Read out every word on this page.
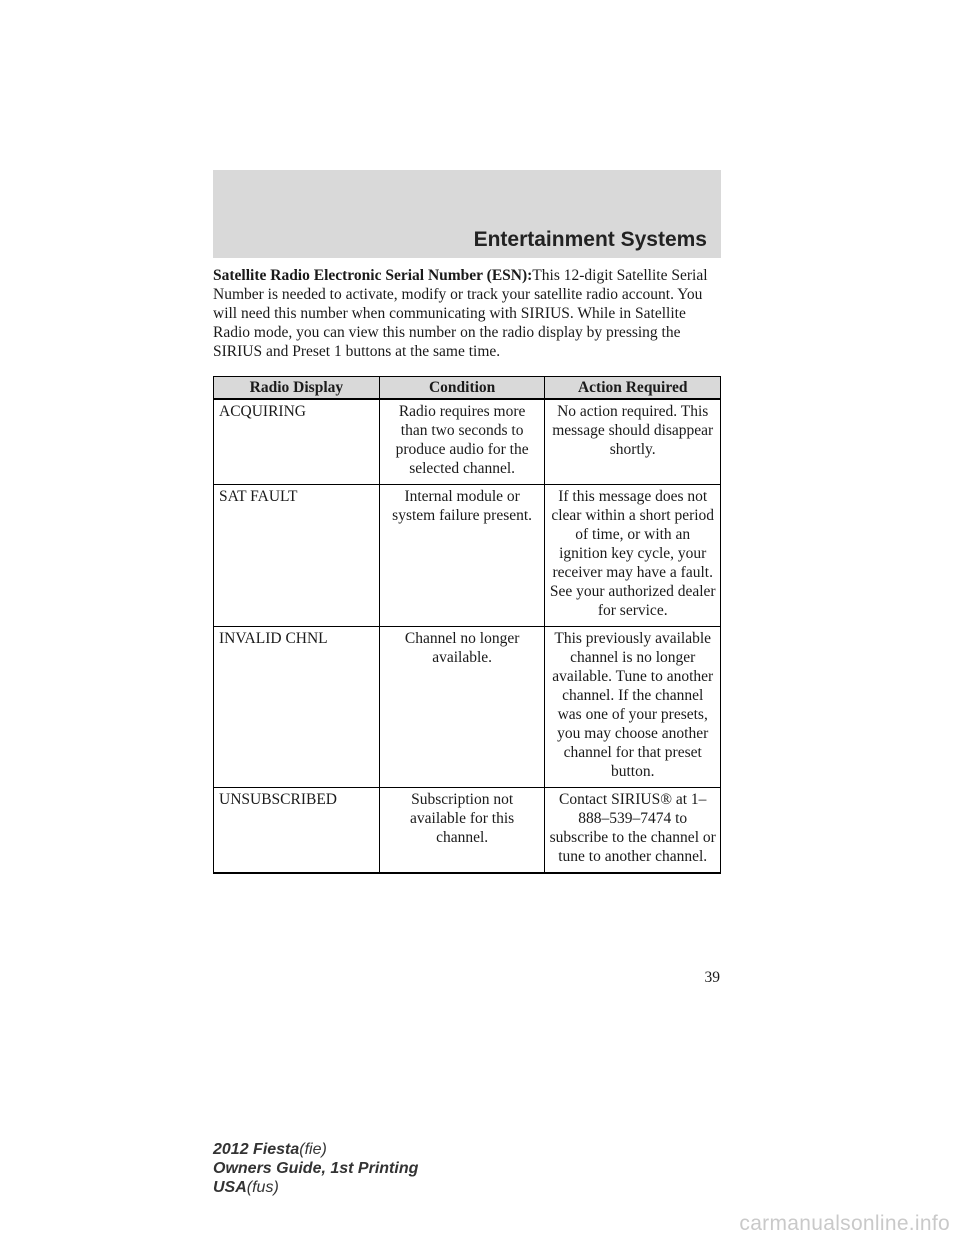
Entertainment Systems
Satellite Radio Electronic Serial Number (ESN):This 12-digit Satellite Serial Number is needed to activate, modify or track your satellite radio account. You will need this number when communicating with SIRIUS. While in Satellite Radio mode, you can view this number on the radio display by pressing the SIRIUS and Preset 1 buttons at the same time.
Radio Display	Condition	Action Required
ACQUIRING	Radio requires more than two seconds to produce audio for the selected channel.	No action required. This message should disappear shortly.
SAT FAULT	Internal module or system failure present.	If this message does not clear within a short period of time, or with an ignition key cycle, your receiver may have a fault. See your authorized dealer for service.
INVALID CHNL	Channel no longer available.	This previously available channel is no longer available. Tune to another channel. If the channel was one of your presets, you may choose another channel for that preset button.
UNSUBSCRIBED	Subscription not available for this channel.	Contact SIRIUS® at 1–888–539–7474 to subscribe to the channel or tune to another channel.
39
2012 Fiesta(fie)
Owners Guide, 1st Printing
USA(fus)
carmanualsonline.info
